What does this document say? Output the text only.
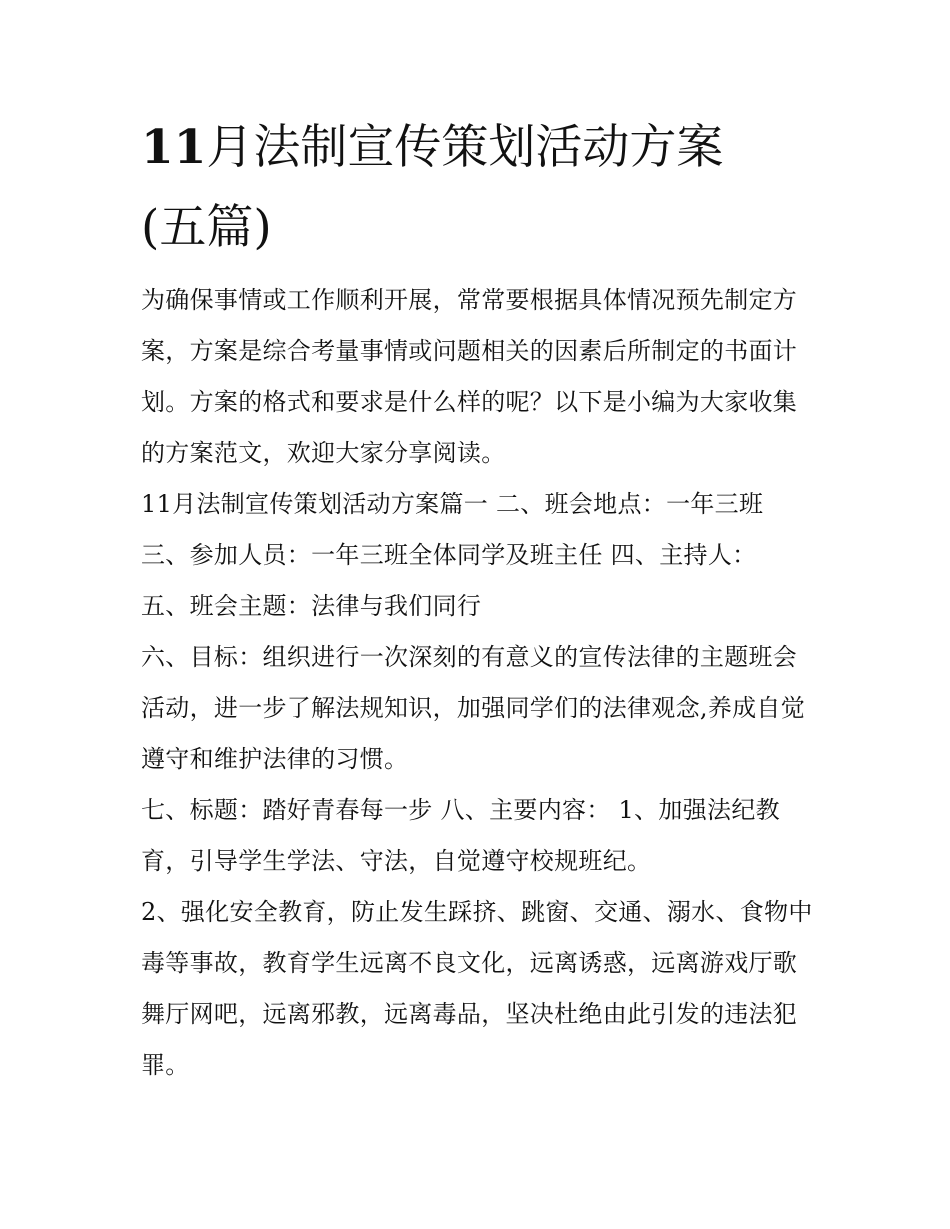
11月法制宣传策划活动方案
(五篇)

为确保事情或工作顺利开展，常常要根据具体情况预先制定方案，方案是综合考量事情或问题相关的因素后所制定的书面计划。方案的格式和要求是什么样的呢？以下是小编为大家收集的方案范文，欢迎大家分享阅读。

11月法制宣传策划活动方案篇一 二、班会地点：一年三班

三、参加人员：一年三班全体同学及班主任 四、主持人：

五、班会主题：法律与我们同行

六、目标：组织进行一次深刻的有意义的宣传法律的主题班会活动，进一步了解法规知识，加强同学们的法律观念,养成自觉遵守和维护法律的习惯。

七、标题：踏好青春每一步 八、主要内容： 1、加强法纪教育，引导学生学法、守法，自觉遵守校规班纪。

2、强化安全教育，防止发生踩挤、跳窗、交通、溺水、食物中毒等事故，教育学生远离不良文化，远离诱惑，远离游戏厅歌舞厅网吧，远离邪教，远离毒品，坚决杜绝由此引发的违法犯罪。
